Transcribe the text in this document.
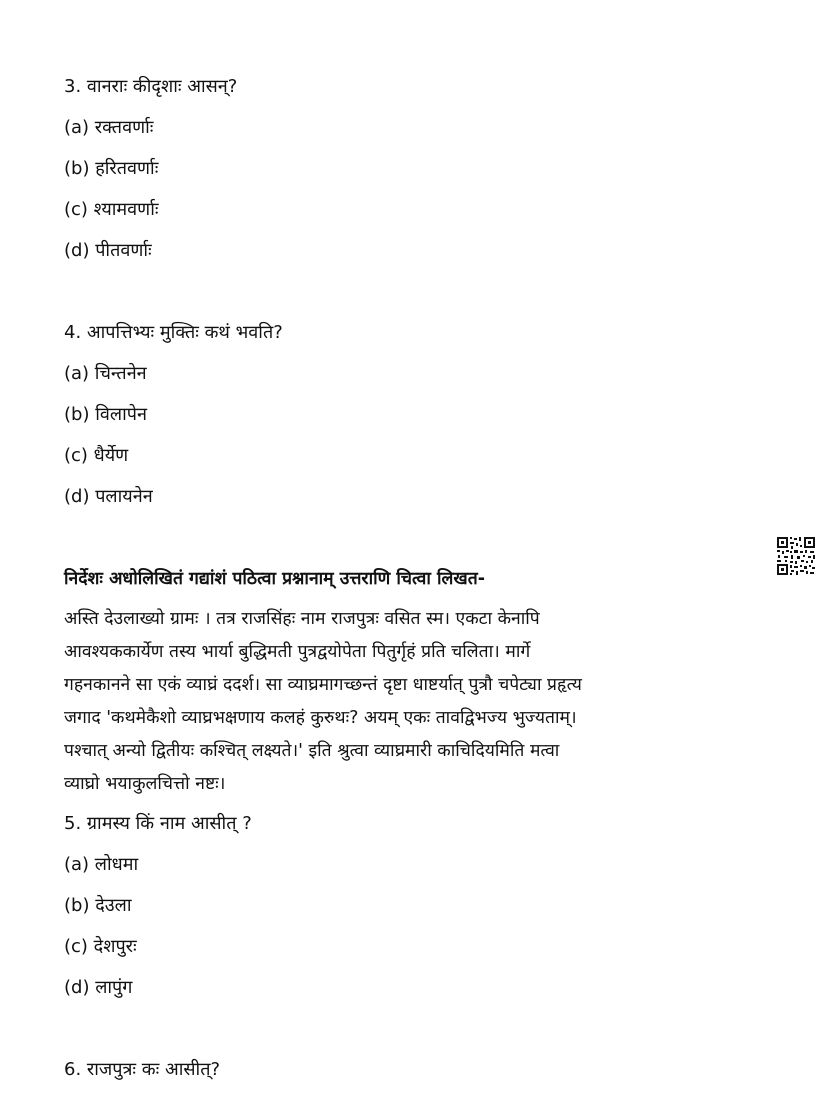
3. वानराः कीदृशाः आसन्?
(a) रक्तवर्णाः
(b) हरितवर्णाः
(c) श्यामवर्णाः
(d) पीतवर्णाः
4. आपत्तिभ्यः मुक्तिः कथं भवति?
(a) चिन्तनेन
(b) विलापेन
(c) धैर्येण
(d) पलायनेन
निर्देशः अधोलिखितं गद्यांशं पठित्वा प्रश्नानाम् उत्तराणि चित्वा लिखत-
अस्ति देउलाख्यो ग्रामः । तत्र राजसिंहः नाम राजपुत्रः वसित स्म। एकटा केनापि
आवश्यककार्येण तस्य भार्या बुद्धिमती पुत्रद्वयोपेता पितुर्गृहं प्रति चलिता। मार्गे
गहनकानने सा एकं व्याघ्रं ददर्श। सा व्याघ्रमागच्छन्तं दृष्टा धाष्टर्यात् पुत्रौ चपेट्या प्रहृत्य
जगाद 'कथमेकैशो व्याघ्रभक्षणाय कलहं कुरुथः? अयम् एकः तावद्विभज्य भुज्यताम्।
पश्चात् अन्यो द्वितीयः कश्चित् लक्ष्यते।' इति श्रुत्वा व्याघ्रमारी काचिदियमिति मत्वा
व्याघ्रो भयाकुलचित्तो नष्टः।
5. ग्रामस्य किं नाम आसीत् ?
(a) लोधमा
(b) देउला
(c) देशपुरः
(d) लापुंग
6. राजपुत्रः कः आसीत्?
